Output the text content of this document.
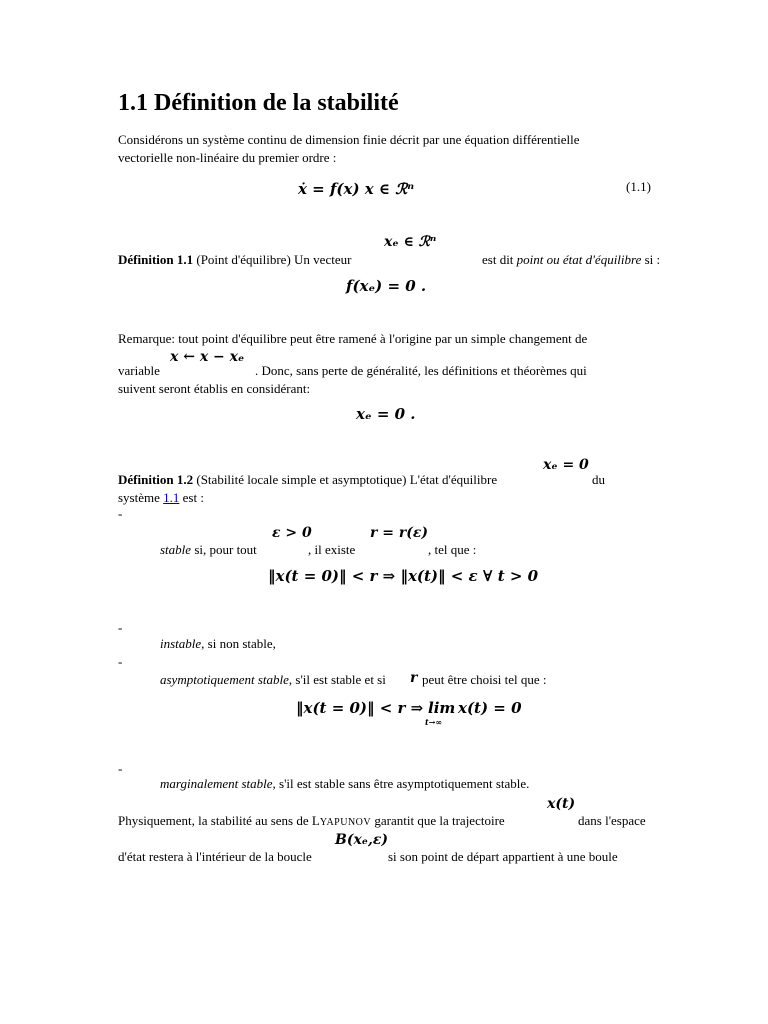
1.1 Définition de la stabilité
Considérons un système continu de dimension finie décrit par une équation différentielle
vectorielle non-linéaire du premier ordre :
ẋ = f(x) x ∈ ℛⁿ	(1.1)
xₑ ∈ ℛⁿ
Définition 1.1 (Point d'équilibre) Un vecteur	est dit point ou état d'équilibre si :
f(xₑ) = 0 .
Remarque: tout point d'équilibre peut être ramené à l'origine par un simple changement de
x ← x − xₑ
variable	. Donc, sans perte de généralité, les définitions et théorèmes qui
suivent seront établis en considérant:
xₑ = 0 .
xₑ = 0
Définition 1.2 (Stabilité locale simple et asymptotique) L'état d'équilibre	du
système 1.1 est :
-
ε > 0	r = r(ε)
stable si, pour tout	, il existe	, tel que :
‖x(t = 0)‖ < r ⇒ ‖x(t)‖ < ε ∀ t > 0
-
instable, si non stable,
-
asymptotiquement stable, s'il est stable et si r peut être choisi tel que :
‖x(t = 0)‖ < r ⇒ lim
t→∞
x(t) = 0
-
marginalement stable, s'il est stable sans être asymptotiquement stable.
x(t)
Physiquement, la stabilité au sens de LYAPUNOV garantit que la trajectoire	dans l'espace
B(xₑ,ε)
d'état restera à l'intérieur de la boucle	si son point de départ appartient à une boule
